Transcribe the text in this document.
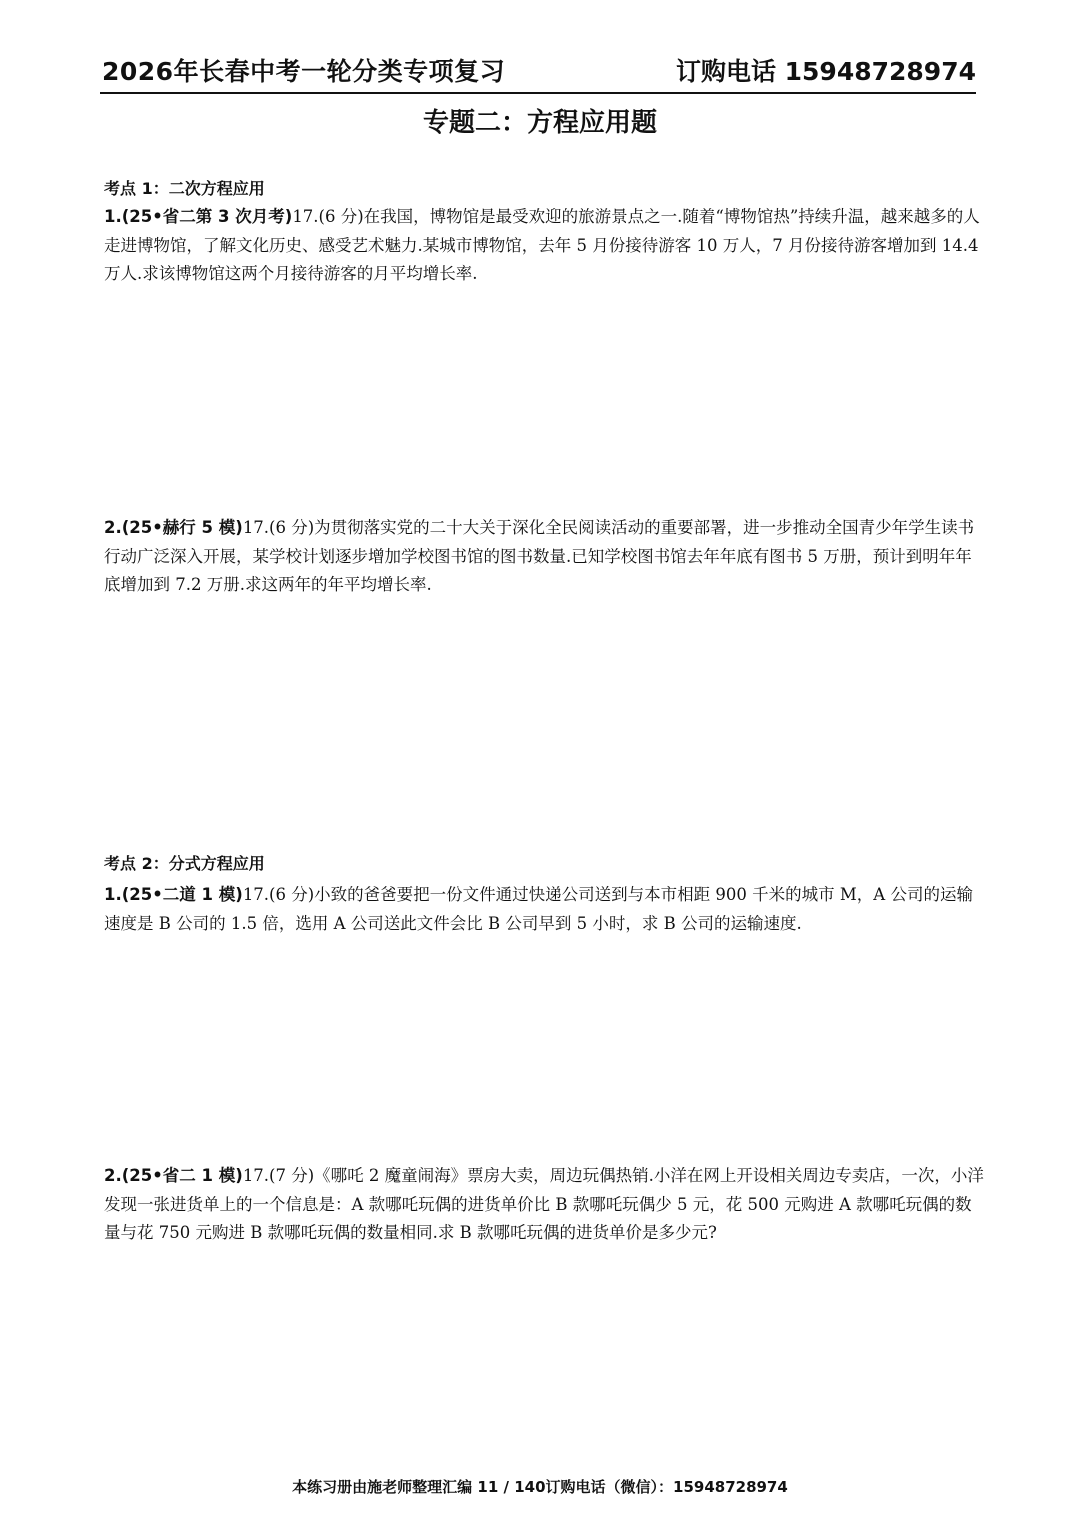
2026年长春中考一轮分类专项复习	订购电话 15948728974
专题二：方程应用题
考点 1：二次方程应用
1.(25•省二第 3 次月考)17.(6 分)在我国，博物馆是最受欢迎的旅游景点之一.随着“博物馆热”持续升温，越来越多的人走进博物馆，了解文化历史、感受艺术魅力.某城市博物馆，去年 5 月份接待游客 10 万人，7 月份接待游客增加到 14.4 万人.求该博物馆这两个月接待游客的月平均增长率.
2.(25•赫行 5 模)17.(6 分)为贯彻落实党的二十大关于深化全民阅读活动的重要部署，进一步推动全国青少年学生读书行动广泛深入开展，某学校计划逐步增加学校图书馆的图书数量.已知学校图书馆去年年底有图书 5 万册，预计到明年年底增加到 7.2 万册.求这两年的年平均增长率.
考点 2：分式方程应用
1.(25•二道 1 模)17.(6 分)小致的爸爸要把一份文件通过快递公司送到与本市相距 900 千米的城市 M，A 公司的运输速度是 B 公司的 1.5 倍，选用 A 公司送此文件会比 B 公司早到 5 小时，求 B 公司的运输速度.
2.(25•省二 1 模)17.(7 分)《哪吒 2 魔童闹海》票房大卖，周边玩偶热销.小洋在网上开设相关周边专卖店，一次，小洋发现一张进货单上的一个信息是：A 款哪吒玩偶的进货单价比 B 款哪吒玩偶少 5 元，花 500 元购进 A 款哪吒玩偶的数量与花 750 元购进 B 款哪吒玩偶的数量相同.求 B 款哪吒玩偶的进货单价是多少元?
本练习册由施老师整理汇编 11 / 140订购电话（微信）：15948728974
